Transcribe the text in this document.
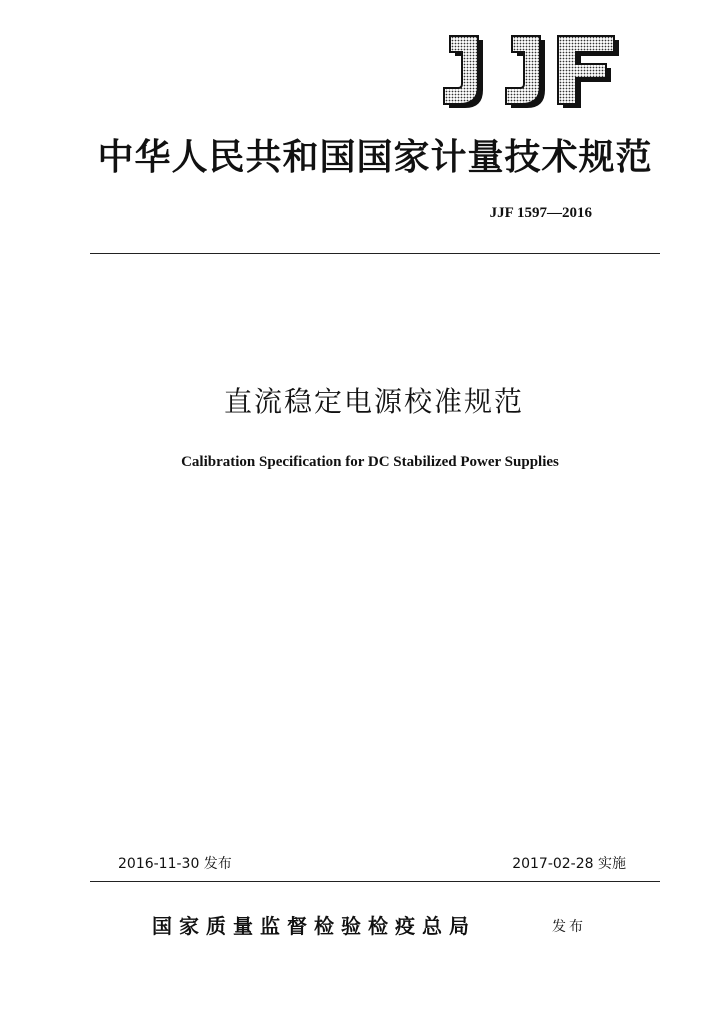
中华人民共和国国家计量技术规范
JJF 1597—2016
直流稳定电源校准规范
Calibration Specification for DC Stabilized Power Supplies
2016-11-30 发布	2017-02-28 实施
国家质量监督检验检疫总局	发布
